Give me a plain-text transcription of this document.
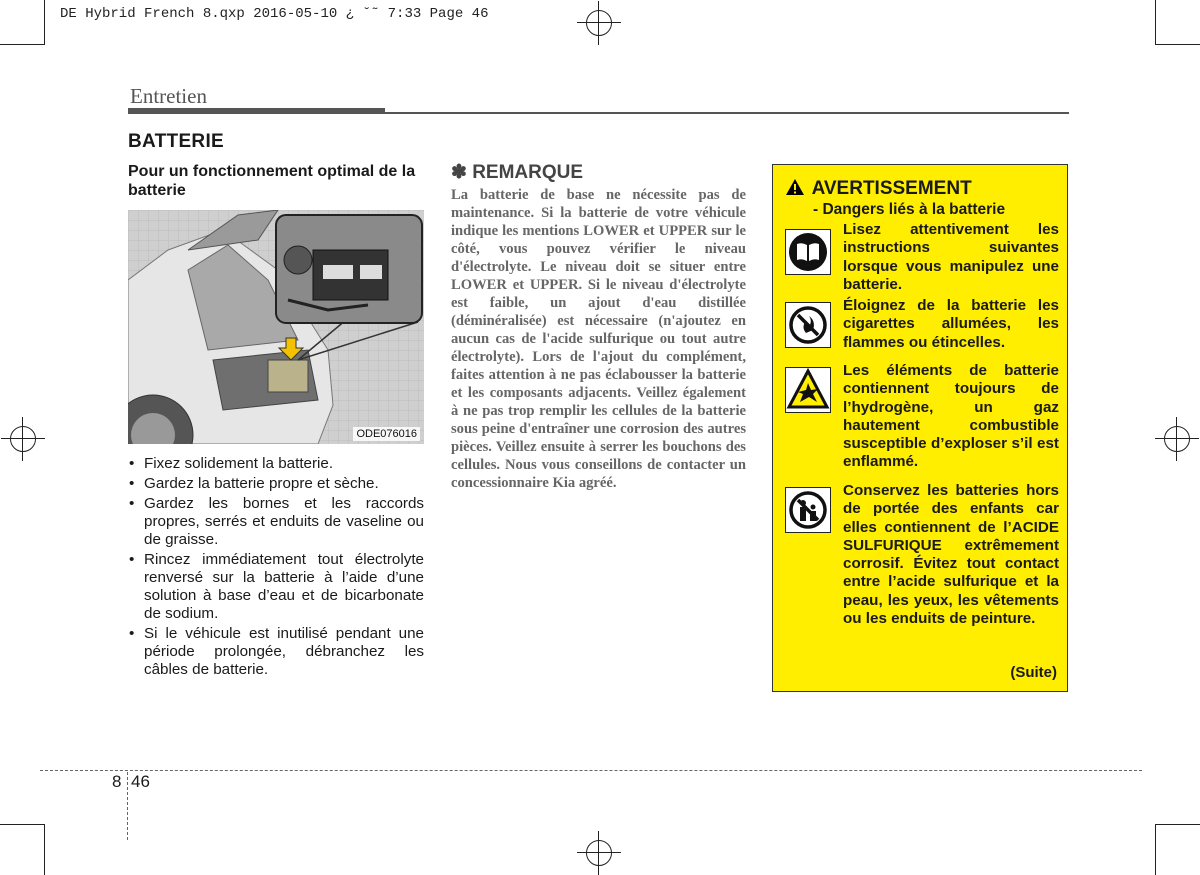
DE Hybrid French 8.qxp 2016-05-10 ¿ ˘˜ 7:33 Page 46
Entretien
BATTERIE
Pour un fonctionnement optimal de la batterie
ODE076016
• Fixez solidement la batterie.
• Gardez la batterie propre et sèche.
• Gardez les bornes et les raccords propres, serrés et enduits de vaseline ou de graisse.
• Rincez immédiatement tout électrolyte renversé sur la batterie à l’aide d’une solution à base d’eau et de bicarbonate de sodium.
• Si le véhicule est inutilisé pendant une période prolongée, débranchez les câbles de batterie.
✽ REMARQUE
La batterie de base ne nécessite pas de maintenance. Si la batterie de votre véhicule indique les mentions LOWER et UPPER sur le côté, vous pouvez vérifier le niveau d'électrolyte. Le niveau doit se situer entre LOWER et UPPER. Si le niveau d'électrolyte est faible, un ajout d'eau distillée (déminéralisée) est nécessaire (n'ajoutez en aucun cas de l'acide sulfurique ou tout autre électrolyte). Lors de l'ajout du complément, faites attention à ne pas éclabousser la batterie et les composants adjacents. Veillez également à ne pas trop remplir les cellules de la batterie sous peine d'entraîner une corrosion des autres pièces. Veillez ensuite à serrer les bouchons des cellules. Nous vous conseillons de contacter un concessionnaire Kia agréé.
AVERTISSEMENT
- Dangers liés à la batterie
Lisez attentivement les instructions suivantes lorsque vous manipulez une batterie.
Éloignez de la batterie les cigarettes allumées, les flammes ou étincelles.
Les éléments de batterie contiennent toujours de l’hydrogène, un gaz hautement combustible susceptible d’exploser s’il est enflammé.
Conservez les batteries hors de portée des enfants car elles contiennent de l’ACIDE SULFURIQUE extrêmement corrosif. Évitez tout contact entre l’acide sulfurique et la peau, les yeux, les vêtements ou les enduits de peinture.
(Suite)
8 46
